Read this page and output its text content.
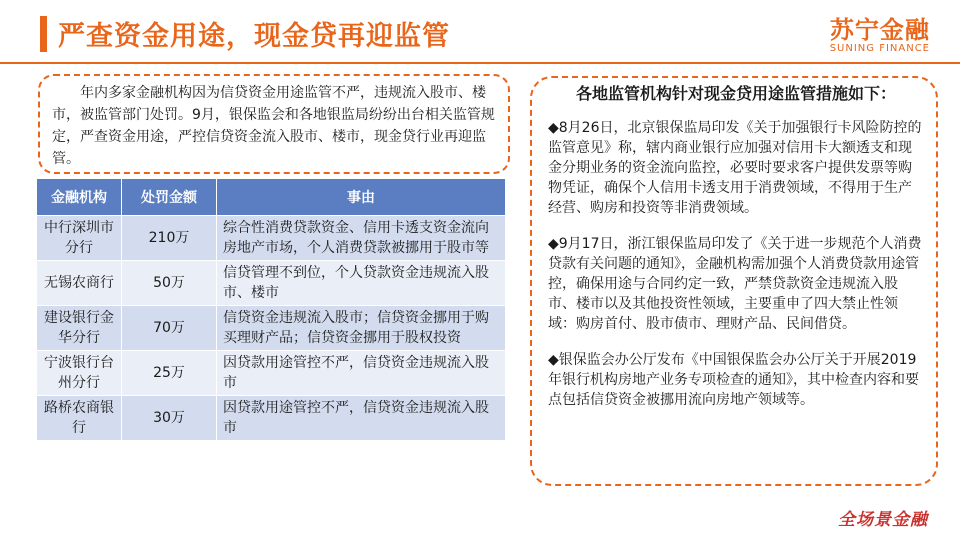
严查资金用途，现金贷再迎监管	苏宁金融
SUNING FINANCE
年内多家金融机构因为信贷资金用途监管不严，违规流入股市、楼市，被监管部门处罚。9月，银保监会和各地银监局纷纷出台相关监管规定，严查资金用途，严控信贷资金流入股市、楼市，现金贷行业再迎监管。
金融机构	处罚金额	事由
中行深圳市分行	210万	综合性消费贷款资金、信用卡透支资金流向房地产市场，个人消费贷款被挪用于股市等
无锡农商行	50万	信贷管理不到位，个人贷款资金违规流入股市、楼市
建设银行金华分行	70万	信贷资金违规流入股市；信贷资金挪用于购买理财产品；信贷资金挪用于股权投资
宁波银行台州分行	25万	因贷款用途管控不严，信贷资金违规流入股市
路桥农商银行	30万	因贷款用途管控不严，信贷资金违规流入股市
各地监管机构针对现金贷用途监管措施如下：
◆8月26日，北京银保监局印发《关于加强银行卡风险防控的监管意见》称，辖内商业银行应加强对信用卡大额透支和现金分期业务的资金流向监控，必要时要求客户提供发票等购物凭证，确保个人信用卡透支用于消费领域，不得用于生产经营、购房和投资等非消费领域。
◆9月17日，浙江银保监局印发了《关于进一步规范个人消费贷款有关问题的通知》，金融机构需加强个人消费贷款用途管控，确保用途与合同约定一致，严禁贷款资金违规流入股市、楼市以及其他投资性领域，主要重申了四大禁止性领域：购房首付、股市债市、理财产品、民间借贷。
◆银保监会办公厅发布《中国银保监会办公厅关于开展2019年银行机构房地产业务专项检查的通知》，其中检查内容和要点包括信贷资金被挪用流向房地产领域等。
全场景金融
